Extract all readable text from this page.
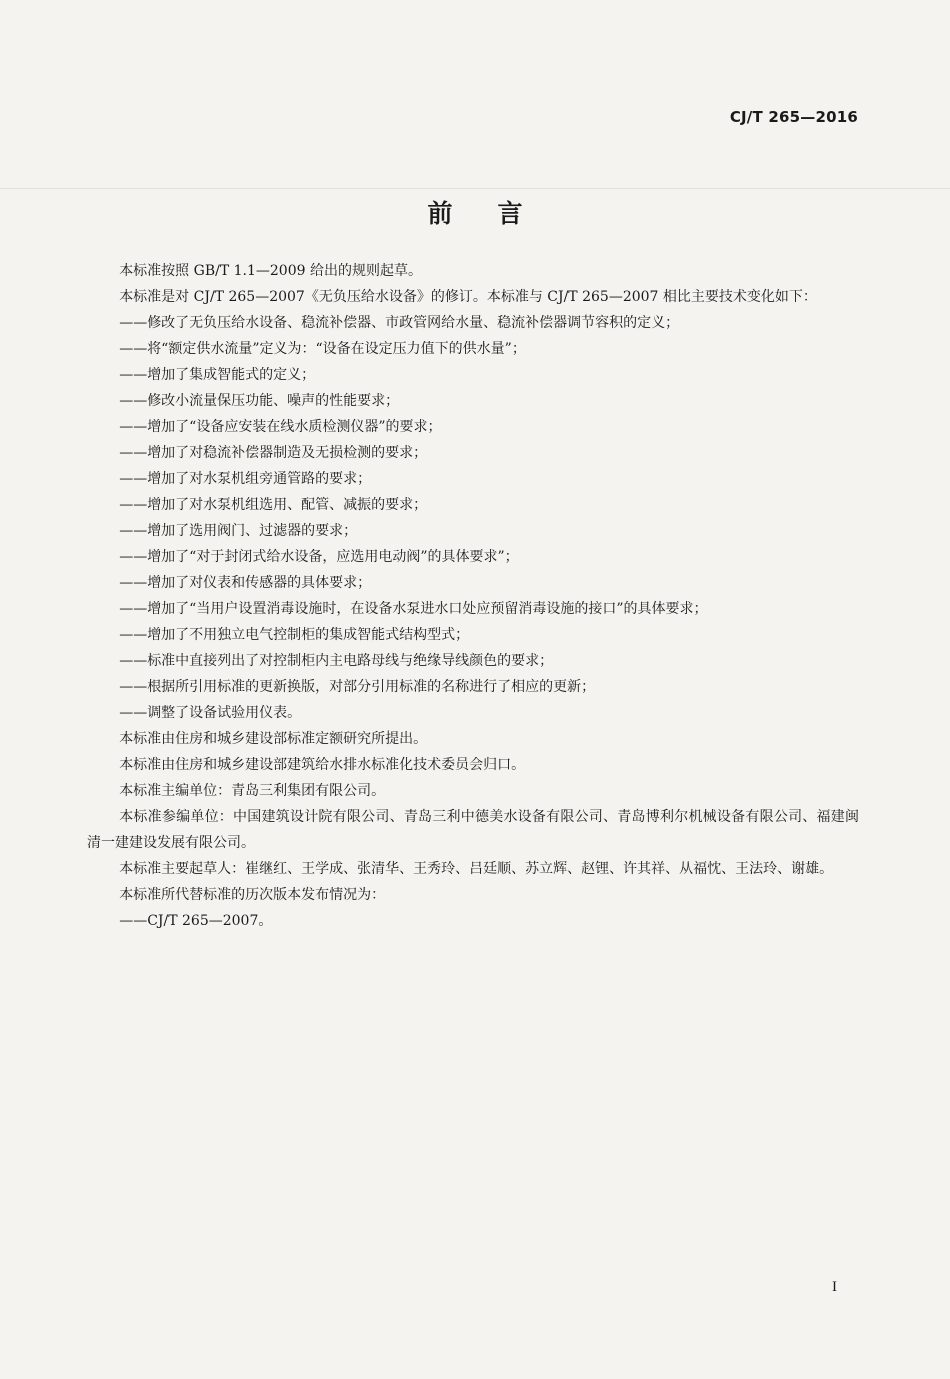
CJ/T 265—2016
前言

本标准按照 GB/T 1.1—2009 给出的规则起草。

本标准是对 CJ/T 265—2007《无负压给水设备》的修订。本标准与 CJ/T 265—2007 相比主要技术变化如下：

——修改了无负压给水设备、稳流补偿器、市政管网给水量、稳流补偿器调节容积的定义；

——将“额定供水流量”定义为：“设备在设定压力值下的供水量”；

——增加了集成智能式的定义；

——修改小流量保压功能、噪声的性能要求；

——增加了“设备应安装在线水质检测仪器”的要求；

——增加了对稳流补偿器制造及无损检测的要求；

——增加了对水泵机组旁通管路的要求；

——增加了对水泵机组选用、配管、减振的要求；

——增加了选用阀门、过滤器的要求；

——增加了“对于封闭式给水设备，应选用电动阀”的具体要求”；

——增加了对仪表和传感器的具体要求；

——增加了“当用户设置消毒设施时，在设备水泵进水口处应预留消毒设施的接口”的具体要求；

——增加了不用独立电气控制柜的集成智能式结构型式；

——标准中直接列出了对控制柜内主电路母线与绝缘导线颜色的要求；

——根据所引用标准的更新换版，对部分引用标准的名称进行了相应的更新；

——调整了设备试验用仪表。

本标准由住房和城乡建设部标准定额研究所提出。

本标准由住房和城乡建设部建筑给水排水标准化技术委员会归口。

本标准主编单位：青岛三利集团有限公司。

本标准参编单位：中国建筑设计院有限公司、青岛三利中德美水设备有限公司、青岛博利尔机械设备有限公司、福建闽清一建建设发展有限公司。

本标准主要起草人：崔继红、王学成、张清华、王秀玲、吕廷顺、苏立辉、赵锂、许其祥、从福忱、王法玲、谢雄。

本标准所代替标准的历次版本发布情况为：

——CJ/T 265—2007。

I
